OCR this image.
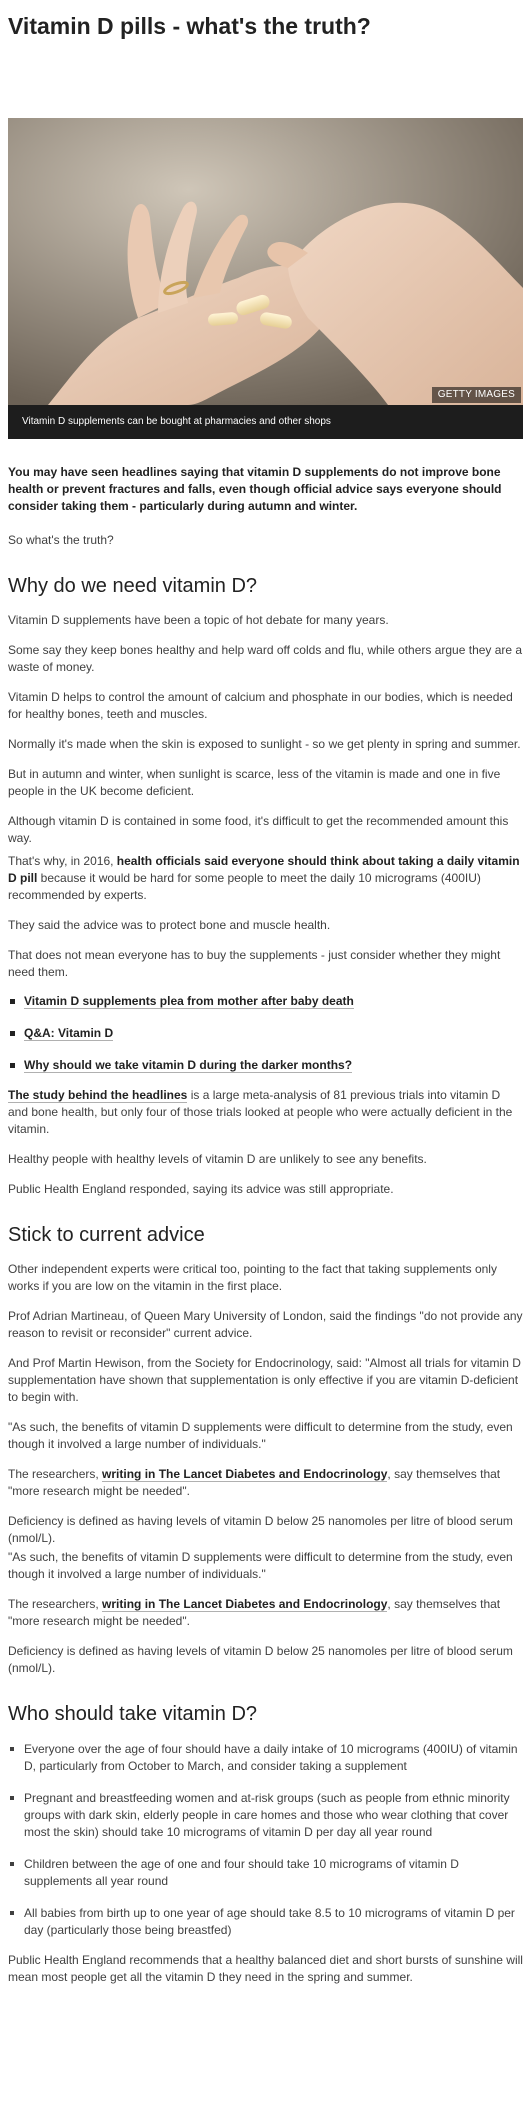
Vitamin D pills - what's the truth?
GETTY IMAGES
Vitamin D supplements can be bought at pharmacies and other shops

You may have seen headlines saying that vitamin D supplements do not improve bone health or prevent fractures and falls, even though official advice says everyone should consider taking them - particularly during autumn and winter.

So what's the truth?

Why do we need vitamin D?

Vitamin D supplements have been a topic of hot debate for many years.

Some say they keep bones healthy and help ward off colds and flu, while others argue they are a waste of money.

Vitamin D helps to control the amount of calcium and phosphate in our bodies, which is needed for healthy bones, teeth and muscles.

Normally it's made when the skin is exposed to sunlight - so we get plenty in spring and summer.

But in autumn and winter, when sunlight is scarce, less of the vitamin is made and one in five people in the UK become deficient.

Although vitamin D is contained in some food, it's difficult to get the recommended amount this way.

That's why, in 2016, health officials said everyone should think about taking a daily vitamin D pill because it would be hard for some people to meet the daily 10 micrograms (400IU) recommended by experts.

They said the advice was to protect bone and muscle health.

That does not mean everyone has to buy the supplements - just consider whether they might need them.

Vitamin D supplements plea from mother after baby death
Q&A: Vitamin D
Why should we take vitamin D during the darker months?

The study behind the headlines is a large meta-analysis of 81 previous trials into vitamin D and bone health, but only four of those trials looked at people who were actually deficient in the vitamin.

Healthy people with healthy levels of vitamin D are unlikely to see any benefits.

Public Health England responded, saying its advice was still appropriate.

Stick to current advice

Other independent experts were critical too, pointing to the fact that taking supplements only works if you are low on the vitamin in the first place.

Prof Adrian Martineau, of Queen Mary University of London, said the findings "do not provide any reason to revisit or reconsider" current advice.

And Prof Martin Hewison, from the Society for Endocrinology, said: "Almost all trials for vitamin D supplementation have shown that supplementation is only effective if you are vitamin D-deficient to begin with.

"As such, the benefits of vitamin D supplements were difficult to determine from the study, even though it involved a large number of individuals."

The researchers, writing in The Lancet Diabetes and Endocrinology, say themselves that "more research might be needed".

Deficiency is defined as having levels of vitamin D below 25 nanomoles per litre of blood serum (nmol/L).

"As such, the benefits of vitamin D supplements were difficult to determine from the study, even though it involved a large number of individuals."

The researchers, writing in The Lancet Diabetes and Endocrinology, say themselves that "more research might be needed".

Deficiency is defined as having levels of vitamin D below 25 nanomoles per litre of blood serum (nmol/L).

Who should take vitamin D?
Everyone over the age of four should have a daily intake of 10 micrograms (400IU) of vitamin D, particularly from October to March, and consider taking a supplement
Pregnant and breastfeeding women and at-risk groups (such as people from ethnic minority groups with dark skin, elderly people in care homes and those who wear clothing that cover most the skin) should take 10 micrograms of vitamin D per day all year round
Children between the age of one and four should take 10 micrograms of vitamin D supplements all year round
All babies from birth up to one year of age should take 8.5 to 10 micrograms of vitamin D per day (particularly those being breastfed)

Public Health England recommends that a healthy balanced diet and short bursts of sunshine will mean most people get all the vitamin D they need in the spring and summer.
